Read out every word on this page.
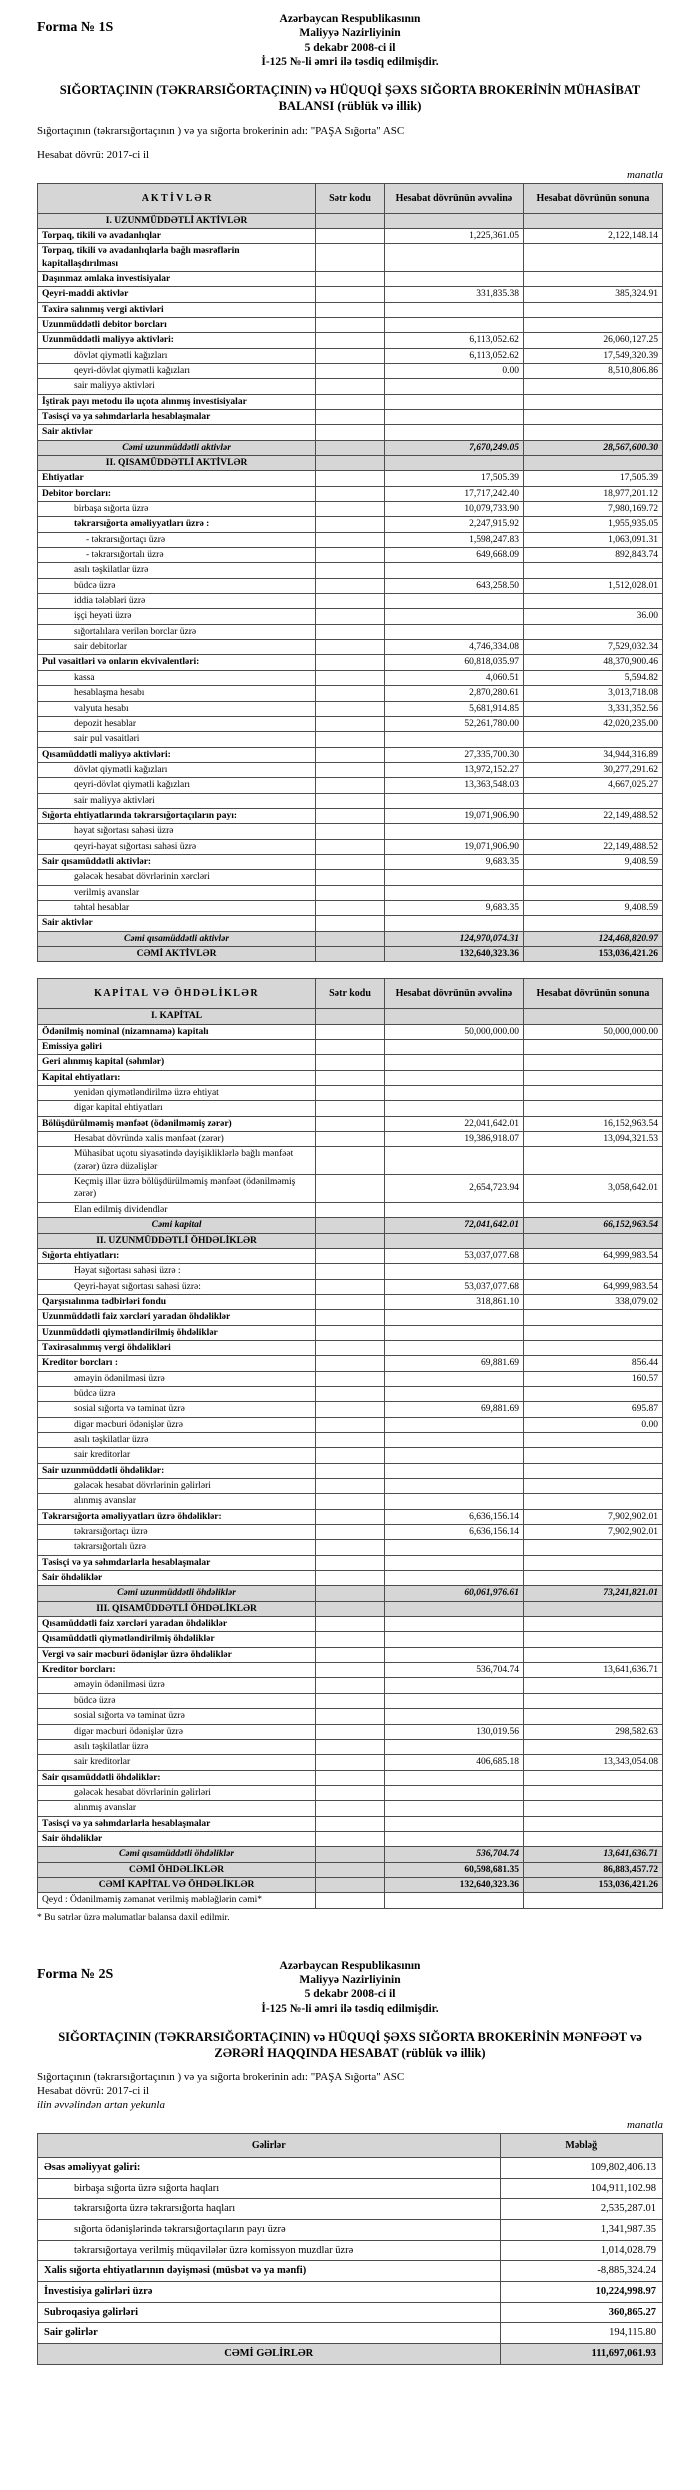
Forma № 1S
Azərbaycan Respublikasının
Maliyyə Nazirliyinin
5 dekabr 2008-ci il
İ-125 №-li əmri ilə təsdiq edilmişdir.
SIĞORTAÇININ (TƏKRARSIĞORTAÇININ) və HÜQUQİ ŞƏXS SIĞORTA BROKERİNİN MÜHASİBAT BALANSI (rüblük və illik)
Sığortaçının (təkrarsığortaçının ) və ya sığorta brokerinin adı: "PAŞA Sığorta" ASC
Hesabat dövrü: 2017-ci il
manatla
A K T İ V L Ə R	Sətr kodu	Hesabat dövrünün əvvəlinə	Hesabat dövrünün sonuna
I. UZUNMÜDDƏTLİ AKTİVLƏR			
Torpaq, tikili və avadanlıqlar		1,225,361.05	2,122,148.14
Torpaq, tikili və avadanlıqlarla bağlı məsrəflərin kapitallaşdırılması			
Daşınmaz əmlaka investisiyalar			
Qeyri-maddi aktivlər		331,835.38	385,324.91
Təxirə salınmış vergi aktivləri			
Uzunmüddətli debitor borcları			
Uzunmüddətli maliyyə aktivləri:		6,113,052.62	26,060,127.25
dövlət qiymətli kağızları		6,113,052.62	17,549,320.39
qeyri-dövlət qiymətli kağızları		0.00	8,510,806.86
sair maliyyə aktivləri			
İştirak payı metodu ilə uçota alınmış investisiyalar			
Təsisçi və ya səhmdarlarla hesablaşmalar			
Sair aktivlər			
Cəmi uzunmüddətli aktivlər		7,670,249.05	28,567,600.30
II. QISAMÜDDƏTLİ AKTİVLƏR			
Ehtiyatlar		17,505.39	17,505.39
Debitor borcları:		17,717,242.40	18,977,201.12
birbaşa sığorta üzrə		10,079,733.90	7,980,169.72
təkrarsığorta əməliyyatları üzrə :		2,247,915.92	1,955,935.05
- təkrarsığortaçı üzrə		1,598,247.83	1,063,091.31
- təkrarsığortalı üzrə		649,668.09	892,843.74
asılı təşkilatlar üzrə			
büdcə üzrə		643,258.50	1,512,028.01
iddia tələbləri üzrə			
işçi heyəti üzrə			36.00
sığortalılara verilən borclar üzrə			
sair debitorlar		4,746,334.08	7,529,032.34
Pul vəsaitləri və onların ekvivalentləri:		60,818,035.97	48,370,900.46
kassa		4,060.51	5,594.82
hesablaşma hesabı		2,870,280.61	3,013,718.08
valyuta hesabı		5,681,914.85	3,331,352.56
depozit hesablar		52,261,780.00	42,020,235.00
sair pul vəsaitləri			
Qısamüddətli maliyyə aktivləri:		27,335,700.30	34,944,316.89
dövlət qiymətli kağızları		13,972,152.27	30,277,291.62
qeyri-dövlət qiymətli kağızları		13,363,548.03	4,667,025.27
sair maliyyə aktivləri			
Sığorta ehtiyatlarında təkrarsığortaçıların payı:		19,071,906.90	22,149,488.52
həyat sığortası sahəsi üzrə			
qeyri-həyat sığortası sahəsi üzrə		19,071,906.90	22,149,488.52
Sair qısamüddətli aktivlər:		9,683.35	9,408.59
gələcək hesabat dövrlərinin xərcləri			
verilmiş avanslar			
təhtəl hesablar		9,683.35	9,408.59
Sair aktivlər			
Cəmi qısamüddətli aktivlər		124,970,074.31	124,468,820.97
CƏMİ AKTİVLƏR		132,640,323.36	153,036,421.26
KAPİTAL VƏ ÖHDƏLİKLƏR	Sətr kodu	Hesabat dövrünün əvvəlinə	Hesabat dövrünün sonuna
I. KAPİTAL			
Ödənilmiş nominal (nizamnamə) kapitalı		50,000,000.00	50,000,000.00
Emissiya gəliri			
Geri alınmış kapital (səhmlər)			
Kapital ehtiyatları:			
yenidən qiymətləndirilmə üzrə ehtiyat			
digər kapital ehtiyatları			
Bölüşdürülməmiş mənfəət (ödənilməmiş zərər)		22,041,642.01	16,152,963.54
Hesabat dövründə xalis mənfəət (zərər)		19,386,918.07	13,094,321.53
Mühasibat uçotu siyasətində dəyişikliklərlə bağlı mənfəət (zərər) üzrə düzəlişlər			
Keçmiş illər üzrə bölüşdürülməmiş mənfəət (ödənilməmiş zərər)		2,654,723.94	3,058,642.01
Elan edilmiş dividendlər			
Cəmi kapital		72,041,642.01	66,152,963.54
II. UZUNMÜDDƏTLİ ÖHDƏLİKLƏR			
Sığorta ehtiyatları:		53,037,077.68	64,999,983.54
Həyat sığortası sahəsi üzrə :			
Qeyri-həyat sığortası sahəsi üzrə:		53,037,077.68	64,999,983.54
Qarşısıalınma tədbirləri fondu		318,861.10	338,079.02
Uzunmüddətli faiz xərcləri yaradan öhdəliklər			
Uzunmüddətli qiymətləndirilmiş öhdəliklər			
Təxirəsalınmış vergi öhdəlikləri			
Kreditor borcları :		69,881.69	856.44
əməyin ödənilməsi üzrə			160.57
büdcə üzrə			
sosial sığorta və təminat üzrə		69,881.69	695.87
digər məcburi ödənişlər üzrə			0.00
asılı təşkilatlar üzrə			
sair kreditorlar			
Sair uzunmüddətli öhdəliklər:			
gələcək hesabat dövrlərinin gəlirləri			
alınmış avanslar			
Təkrarsığorta əməliyyatları üzrə öhdəliklər:		6,636,156.14	7,902,902.01
təkrarsığortaçı üzrə		6,636,156.14	7,902,902.01
təkrarsığortalı üzrə			
Təsisçi və ya səhmdarlarla hesablaşmalar			
Sair öhdəliklər			
Cəmi uzunmüddətli öhdəliklər		60,061,976.61	73,241,821.01
III. QISAMÜDDƏTLİ ÖHDƏLİKLƏR			
Qısamüddətli faiz xərcləri yaradan öhdəliklər			
Qısamüddətli qiymətləndirilmiş öhdəliklər			
Vergi və sair məcburi ödənişlər üzrə öhdəliklər			
Kreditor borcları:		536,704.74	13,641,636.71
əməyin ödənilməsi üzrə			
büdcə üzrə			
sosial sığorta və təminat üzrə			
digər məcburi ödənişlər üzrə		130,019.56	298,582.63
asılı təşkilatlar üzrə			
sair kreditorlar		406,685.18	13,343,054.08
Sair qısamüddətli öhdəliklər:			
gələcək hesabat dövrlərinin gəlirləri			
alınmış avanslar			
Təsisçi və ya səhmdarlarla hesablaşmalar			
Sair öhdəliklər			
Cəmi qısamüddətli öhdəliklər		536,704.74	13,641,636.71
CƏMİ ÖHDƏLİKLƏR		60,598,681.35	86,883,457.72
CƏMİ KAPİTAL VƏ ÖHDƏLİKLƏR		132,640,323.36	153,036,421.26
Qeyd : Ödənilməmiş zəmanət verilmiş məbləğlərin cəmi*			
* Bu sətrlər üzrə məlumatlar balansa daxil edilmir.
Forma № 2S
Azərbaycan Respublikasının
Maliyyə Nazirliyinin
5 dekabr 2008-ci il
İ-125 №-li əmri ilə təsdiq edilmişdir.
SIĞORTAÇININ (TƏKRARSIĞORTAÇININ) və HÜQUQİ ŞƏXS SIĞORTA BROKERİNİN MƏNFƏƏT və ZƏRƏRİ HAQQINDA HESABAT (rüblük və illik)
Sığortaçının (təkrarsığortaçının ) və ya sığorta brokerinin adı: "PAŞA Sığorta" ASC
Hesabat dövrü: 2017-ci il
ilin əvvəlindən artan yekunla
manatla
Gəlirlər	Məbləğ
Əsas əməliyyat gəliri:	109,802,406.13
birbaşa sığorta üzrə sığorta haqları	104,911,102.98
təkrarsığorta üzrə təkrarsığorta haqları	2,535,287.01
sığorta ödənişlərində təkrarsığortaçıların payı üzrə	1,341,987.35
təkrarsığortaya verilmiş müqavilələr üzrə komissyon muzdlar üzrə	1,014,028.79
Xalis sığorta ehtiyatlarının dəyişməsi (müsbət və ya mənfi)	-8,885,324.24
İnvestisiya gəlirləri üzrə	10,224,998.97
Subroqasiya gəlirləri	360,865.27
Sair gəlirlər	194,115.80
CƏMİ GƏLİRLƏR	111,697,061.93
